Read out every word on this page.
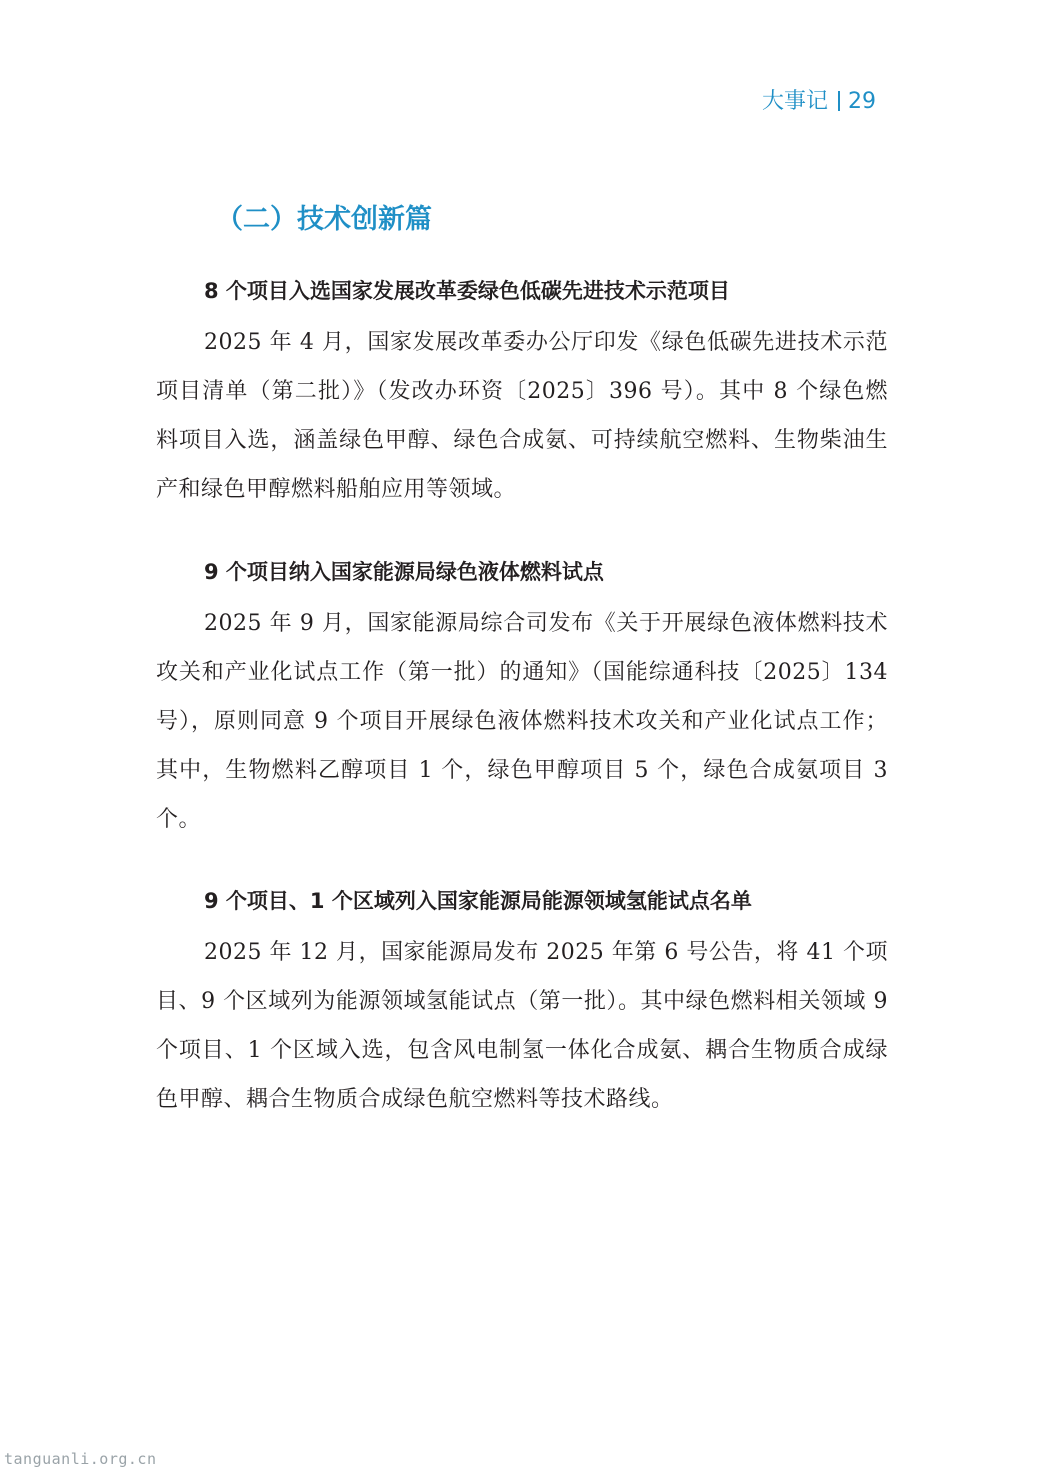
大事记 29
（二）技术创新篇
8 个项目入选国家发展改革委绿色低碳先进技术示范项目

2025 年 4 月，国家发展改革委办公厅印发《绿色低碳先进技术示范项目清单（第二批）》（发改办环资〔2025〕396 号）。其中 8 个绿色燃料项目入选，涵盖绿色甲醇、绿色合成氨、可持续航空燃料、生物柴油生产和绿色甲醇燃料船舶应用等领域。

9 个项目纳入国家能源局绿色液体燃料试点

2025 年 9 月，国家能源局综合司发布《关于开展绿色液体燃料技术攻关和产业化试点工作（第一批）的通知》（国能综通科技〔2025〕134 号），原则同意 9 个项目开展绿色液体燃料技术攻关和产业化试点工作；其中，生物燃料乙醇项目 1 个，绿色甲醇项目 5 个，绿色合成氨项目 3 个。

9 个项目、1 个区域列入国家能源局能源领域氢能试点名单

2025 年 12 月，国家能源局发布 2025 年第 6 号公告，将 41 个项目、9 个区域列为能源领域氢能试点（第一批）。其中绿色燃料相关领域 9 个项目、1 个区域入选，包含风电制氢一体化合成氨、耦合生物质合成绿色甲醇、耦合生物质合成绿色航空燃料等技术路线。

tanguanli.org.cn
